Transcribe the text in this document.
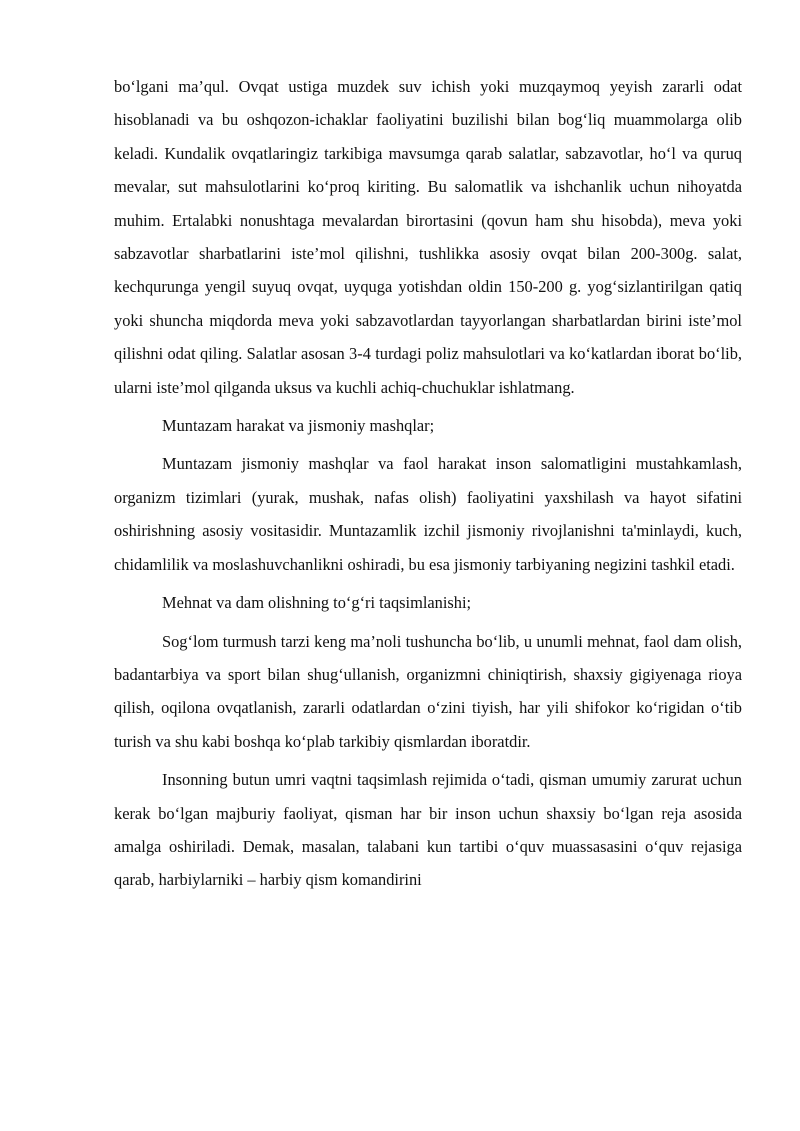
bo‘lgani ma’qul. Ovqat ustiga muzdek suv ichish yoki muzqaymoq yeyish zararli odat hisoblanadi va bu oshqozon-ichaklar faoliyatini buzilishi bilan bog‘liq muammolarga olib keladi. Kundalik ovqatlaringiz tarkibiga mavsumga qarab salatlar, sabzavotlar, ho‘l va quruq mevalar, sut mahsulotlarini ko‘proq kiriting. Bu salomatlik va ishchanlik uchun nihoyatda muhim. Ertalabki nonushtaga mevalardan birortasini (qovun ham shu hisobda), meva yoki sabzavotlar sharbatlarini iste’mol qilishni, tushlikka asosiy ovqat bilan 200-300g. salat, kechqurunga yengil suyuq ovqat, uyquga yotishdan oldin 150-200 g. yog‘sizlantirilgan qatiq yoki shuncha miqdorda meva yoki sabzavotlardan tayyorlangan sharbatlardan birini iste’mol qilishni odat qiling. Salatlar asosan 3-4 turdagi poliz mahsulotlari va ko‘katlardan iborat bo‘lib, ularni iste’mol qilganda uksus va kuchli achiq-chuchuklar ishlatmang.

Muntazam harakat va jismoniy mashqlar;

Muntazam jismoniy mashqlar va faol harakat inson salomatligini mustahkamlash, organizm tizimlari (yurak, mushak, nafas olish) faoliyatini yaxshilash va hayot sifatini oshirishning asosiy vositasidir. Muntazamlik izchil jismoniy rivojlanishni ta'minlaydi, kuch, chidamlilik va moslashuvchanlikni oshiradi, bu esa jismoniy tarbiyaning negizini tashkil etadi.

Mehnat va dam olishning to‘g‘ri taqsimlanishi;

Sog‘lom turmush tarzi keng ma’noli tushuncha bo‘lib, u unumli mehnat, faol dam olish, badantarbiya va sport bilan shug‘ullanish, organizmni chiniqtirish, shaxsiy gigiyenaga rioya qilish, oqilona ovqatlanish, zararli odatlardan o‘zini tiyish, har yili shifokor ko‘rigidan o‘tib turish va shu kabi boshqa ko‘plab tarkibiy qismlardan iboratdir.

Insonning butun umri vaqtni taqsimlash rejimida o‘tadi, qisman umumiy zarurat uchun kerak bo‘lgan majburiy faoliyat, qisman har bir inson uchun shaxsiy bo‘lgan reja asosida amalga oshiriladi. Demak, masalan, talabani kun tartibi o‘quv muassasasini o‘quv rejasiga qarab, harbiylarniki – harbiy qism komandirini
